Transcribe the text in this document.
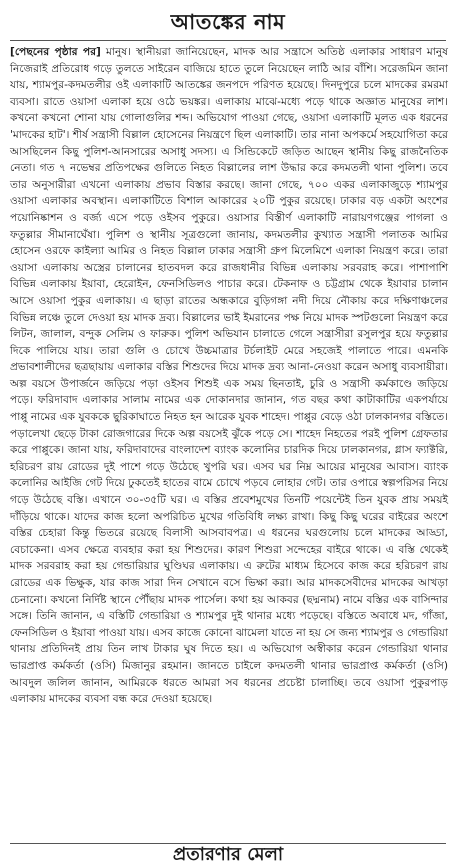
আতঙ্কের নাম
[পেছনের পৃষ্ঠার পর] মানুষ। স্থানীয়রা জানিয়েছেন, মাদক আর সন্ত্রাসে অতিষ্ঠ এলাকার সাধারণ মানুষ নিজেরাই প্রতিরোধ গড়ে তুলতে সাইরেন বাজিয়ে হাতে তুলে নিয়েছেন লাঠি আর বাঁশি। সরেজমিন জানা যায়, শ্যামপুর-কদমতলীর ওই এলাকাটি আতঙ্কের জনপদে পরিণত হয়েছে। দিনদুপুরে চলে মাদকের রমরমা ব্যবসা। রাতে ওয়াসা এলাকা হয়ে ওঠে ভয়ঙ্কর। এলাকায় মাঝে-মধ্যে পড়ে থাকে অজ্ঞাত মানুষের লাশ। কখনো কখনো শোনা যায় গোলাগুলির শব্দ। অভিযোগ পাওয়া গেছে, ওয়াসা এলাকাটি মূলত এক ধরনের 'মাদকের হাট'। শীর্ষ সন্ত্রাসী বিল্লাল হোসেনের নিয়ন্ত্রণে ছিল এলাকাটি। তার নানা অপকর্মে সহযোগিতা করে আসছিলেন কিছু পুলিশ-আনসারের অসাধু সদস্য। এ সিন্ডিকেটে জড়িত আছেন স্থানীয় কিছু রাজনৈতিক নেতা। গত ৭ নভেম্বর প্রতিপক্ষের গুলিতে নিহত বিল্লালের লাশ উদ্ধার করে কদমতলী থানা পুলিশ। তবে তার অনুসারীরা এখনো এলাকায় প্রভাব বিস্তার করছে। জানা গেছে, ৭০০ একর এলাকাজুড়ে শ্যামপুর ওয়াসা এলাকার অবস্থান। এলাকাটিতে বিশাল আকারের ২০টি পুকুর রয়েছে। ঢাকার বড় একটা অংশের পয়োনিষ্কাশন ও বর্জ্য এসে পড়ে ওইসব পুকুরে। ওয়াসার বিস্তীর্ণ এলাকাটি নারায়ণগঞ্জের পাগলা ও ফতুল্লার সীমানাঘেঁষা। পুলিশ ও স্থানীয় সূত্রগুলো জানায়, কদমতলীর কুখ্যাত সন্ত্রাসী পলাতক আমির হোসেন ওরফে কাইল্যা আমির ও নিহত বিল্লাল ঢাকার সন্ত্রাসী গ্রুপ মিলেমিশে এলাকা নিয়ন্ত্রণ করে। তারা ওয়াসা এলাকায় অস্ত্রের চালানের হাতবদল করে রাজধানীর বিভিন্ন এলাকায় সরবরাহ করে। পাশাপাশি বিভিন্ন এলাকায় ইয়াবা, হেরোইন, ফেনসিডিলও পাচার করে। টেকনাফ ও চট্টগ্রাম থেকে ইয়াবার চালান আসে ওয়াসা পুকুর এলাকায়। এ ছাড়া রাতের অন্ধকারে বুড়িগঙ্গা নদী দিয়ে নৌকায় করে দক্ষিণাঞ্চলের বিভিন্ন লঞ্চে তুলে দেওয়া হয় মাদক দ্রব্য। বিল্লালের ভাই ইমরানের পক্ষ নিয়ে মাদক স্পটগুলো নিয়ন্ত্রণ করে লিটন, জালাল, বন্দুক সেলিম ও ফারুক। পুলিশ অভিযান চালাতে গেলে সন্ত্রাসীরা রসুলপুর হয়ে ফতুল্লার দিকে পালিয়ে যায়। তারা গুলি ও চোখে উচ্চমাত্রার টর্চলাইট মেরে সহজেই পালাতে পারে। এমনকি প্রভাবশালীদের ছত্রছায়ায় এলাকার বস্তির শিশুদের দিয়ে মাদক দ্রব্য আনা-নেওয়া করেন অসাধু ব্যবসায়ীরা। অল্প বয়সে উপার্জনে জড়িয়ে পড়া ওইসব শিশুই এক সময় ছিনতাই, চুরি ও সন্ত্রাসী কর্মকাণ্ডে জড়িয়ে পড়ে। ফরিদাবাদ এলাকার সালাম নামের এক দোকানদার জানান, গত বছর কথা কাটাকাটির একপর্যায়ে পাপ্পু নামের এক যুবককে ছুরিকাঘাতে নিহত হন আরেক যুবক শাহেদ। পাপ্পুর বেড়ে ওঠা ঢালকানগর বস্তিতে। পড়ালেখা ছেড়ে টাকা রোজগারের দিকে অল্প বয়সেই ঝুঁকে পড়ে সে। শাহেদ নিহতের পরই পুলিশ গ্রেফতার করে পাপ্পুকে। জানা যায়, ফরিদাবাদের বাংলাদেশ ব্যাংক কলোনির চারদিক দিয়ে ঢালকানগর, গ্লাস ফ্যাক্টরি, হরিচরণ রায় রোডের দুই পাশে গড়ে উঠেছে খুপরি ঘর। এসব ঘর নিম্ন আয়ের মানুষের আবাস। ব্যাংক কলোনির আইজি গেট দিয়ে ঢুকতেই হাতের বামে চোখে পড়বে লোহার গেট। তার ওপারে স্বল্পপরিসর নিয়ে গড়ে উঠেছে বস্তি। এখানে ৩০-৩৫টি ঘর। এ বস্তির প্রবেশমুখের তিনটি পয়েন্টেই তিন যুবক প্রায় সময়ই দাঁড়িয়ে থাকে। যাদের কাজ হলো অপরিচিত মুখের গতিবিধি লক্ষ্য রাখা। কিছু কিছু ঘরের বাইরের অংশে বস্তির চেহারা কিন্তু ভিতরে রয়েছে বিলাসী আসবাবপত্র। এ ধরনের ঘরগুলোয় চলে মাদকের আড্ডা, বেচাকেনা। এসব ক্ষেত্রে ব্যবহার করা হয় শিশুদের। কারণ শিশুরা সন্দেহের বাইরে থাকে। এ বস্তি থেকেই মাদক সরবরাহ করা হয় গেন্ডারিয়ার ঘুণ্ডিঘর এলাকায়। এ রুটের মাধ্যম হিসেবে কাজ করে হরিচরণ রায় রোডের এক ভিক্ষুক, যার কাজ সারা দিন সেখানে বসে ভিক্ষা করা। আর মাদকসেবীদের মাদকের আখড়া চেনানো। কখনো নির্দিষ্ট স্থানে পৌঁছায় মাদক পার্সেল। কথা হয় আকবর (ছদ্মনাম) নামে বস্তির এক বাসিন্দার সঙ্গে। তিনি জানান, এ বস্তিটি গেন্ডারিয়া ও শ্যামপুর দুই থানার মধ্যে পড়েছে। বস্তিতে অবাধে মদ, গাঁজা, ফেনসিডিল ও ইয়াবা পাওয়া যায়। এসব কাজে কোনো ঝামেলা যাতে না হয় সে জন্য শ্যামপুর ও গেন্ডারিয়া থানায় প্রতিদিনই প্রায় তিন লাখ টাকার ঘুষ দিতে হয়। এ অভিযোগ অস্বীকার করেন গেন্ডারিয়া থানার ভারপ্রাপ্ত কর্মকর্তা (ওসি) মিজানুর রহমান। জানতে চাইলে কদমতলী থানার ভারপ্রাপ্ত কর্মকর্তা (ওসি) আবদুল জলিল জানান, আমিরকে ধরতে আমরা সব ধরনের প্রচেষ্টা চালাচ্ছি। তবে ওয়াসা পুকুরপাড় এলাকায় মাদকের ব্যবসা বন্ধ করে দেওয়া হয়েছে।
প্রতারণার মেলা
